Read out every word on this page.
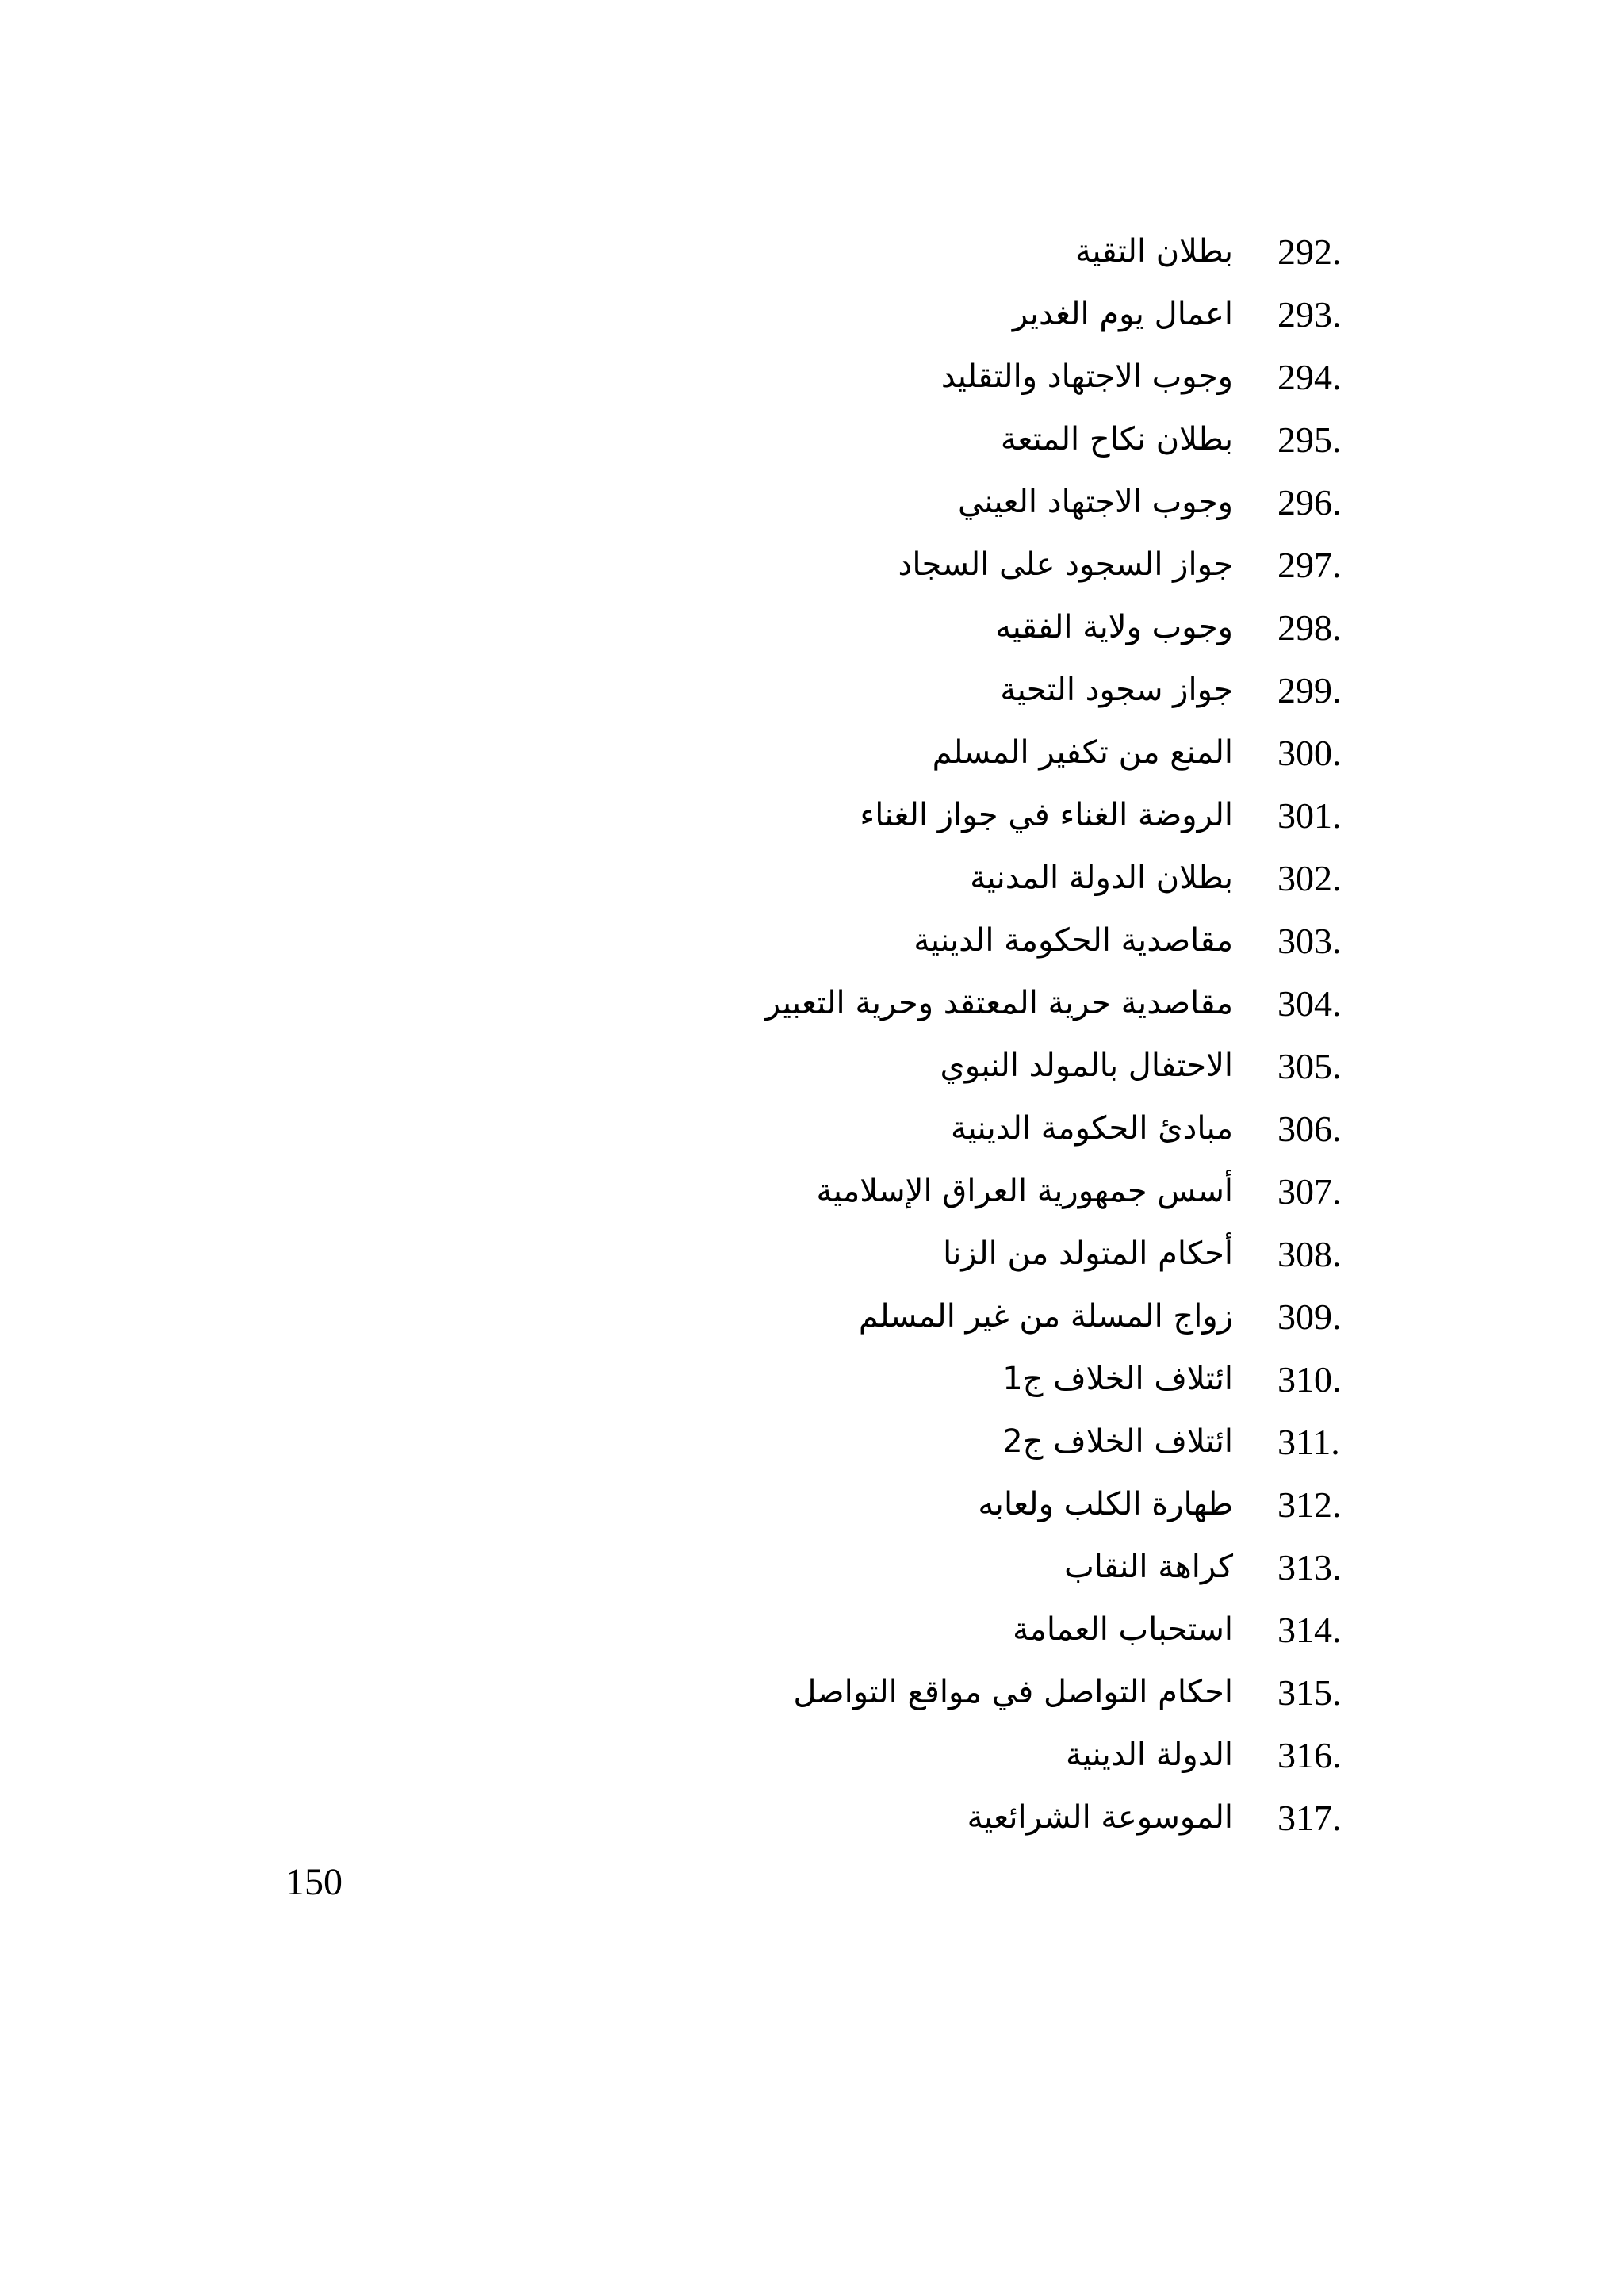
292.
بطلان التقية
293.
اعمال يوم الغدير
294.
وجوب الاجتهاد والتقليد
295.
بطلان نكاح المتعة
296.
وجوب الاجتهاد العيني
297.
جواز السجود على السجاد
298.
وجوب ولاية الفقيه
299.
جواز سجود التحية
300.
المنع من تكفير المسلم
301.
الروضة الغناء في جواز الغناء
302.
بطلان الدولة المدنية
303.
مقاصدية الحكومة الدينية
304.
مقاصدية حرية المعتقد وحرية التعبير
305.
الاحتفال بالمولد النبوي
306.
مبادئ الحكومة الدينية
307.
أسس جمهورية العراق الإسلامية
308.
أحكام المتولد من الزنا
309.
زواج المسلة من غير المسلم
310.
ائتلاف الخلاف ج1
311.
ائتلاف الخلاف ج2
312.
طهارة الكلب ولعابه
313.
كراهة النقاب
314.
استحباب العمامة
315.
احكام التواصل في مواقع التواصل
316.
الدولة الدينية
317.
الموسوعة الشرائعية
150
